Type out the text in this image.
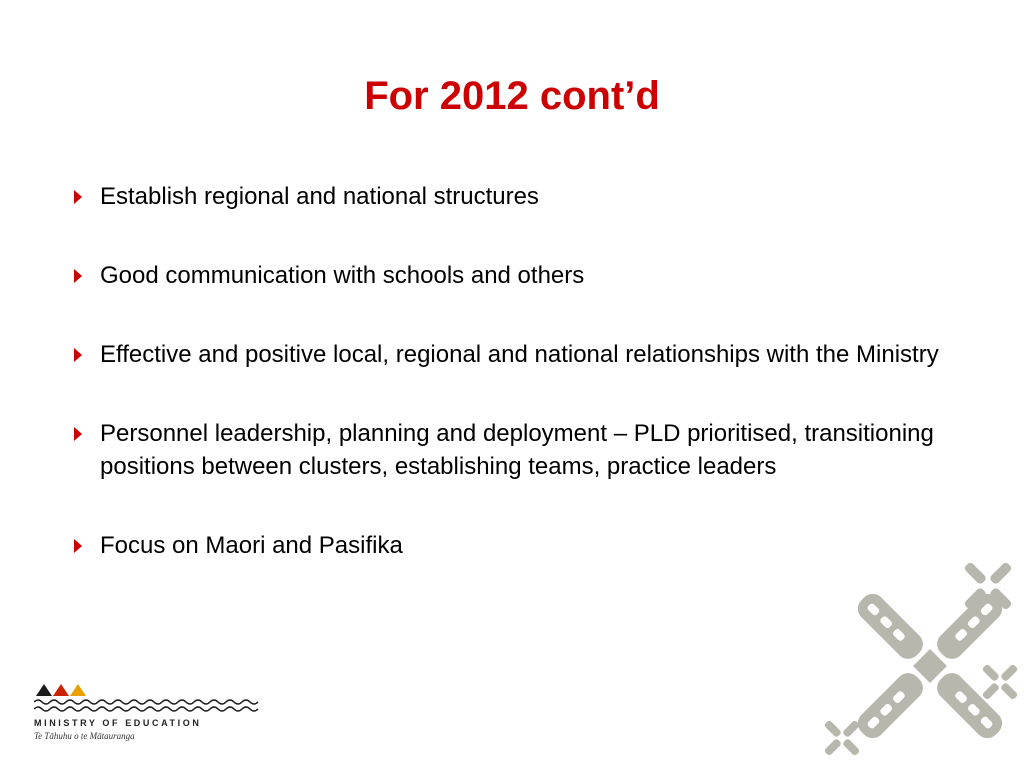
For 2012 cont’d
Establish regional and national structures
Good communication with schools and others
Effective and positive local, regional and national relationships with the Ministry
Personnel leadership, planning and deployment – PLD prioritised, transitioning positions between clusters, establishing teams, practice leaders
Focus on Maori and Pasifika
MINISTRY OF EDUCATION
Te Tāhuhu o te Mātauranga
